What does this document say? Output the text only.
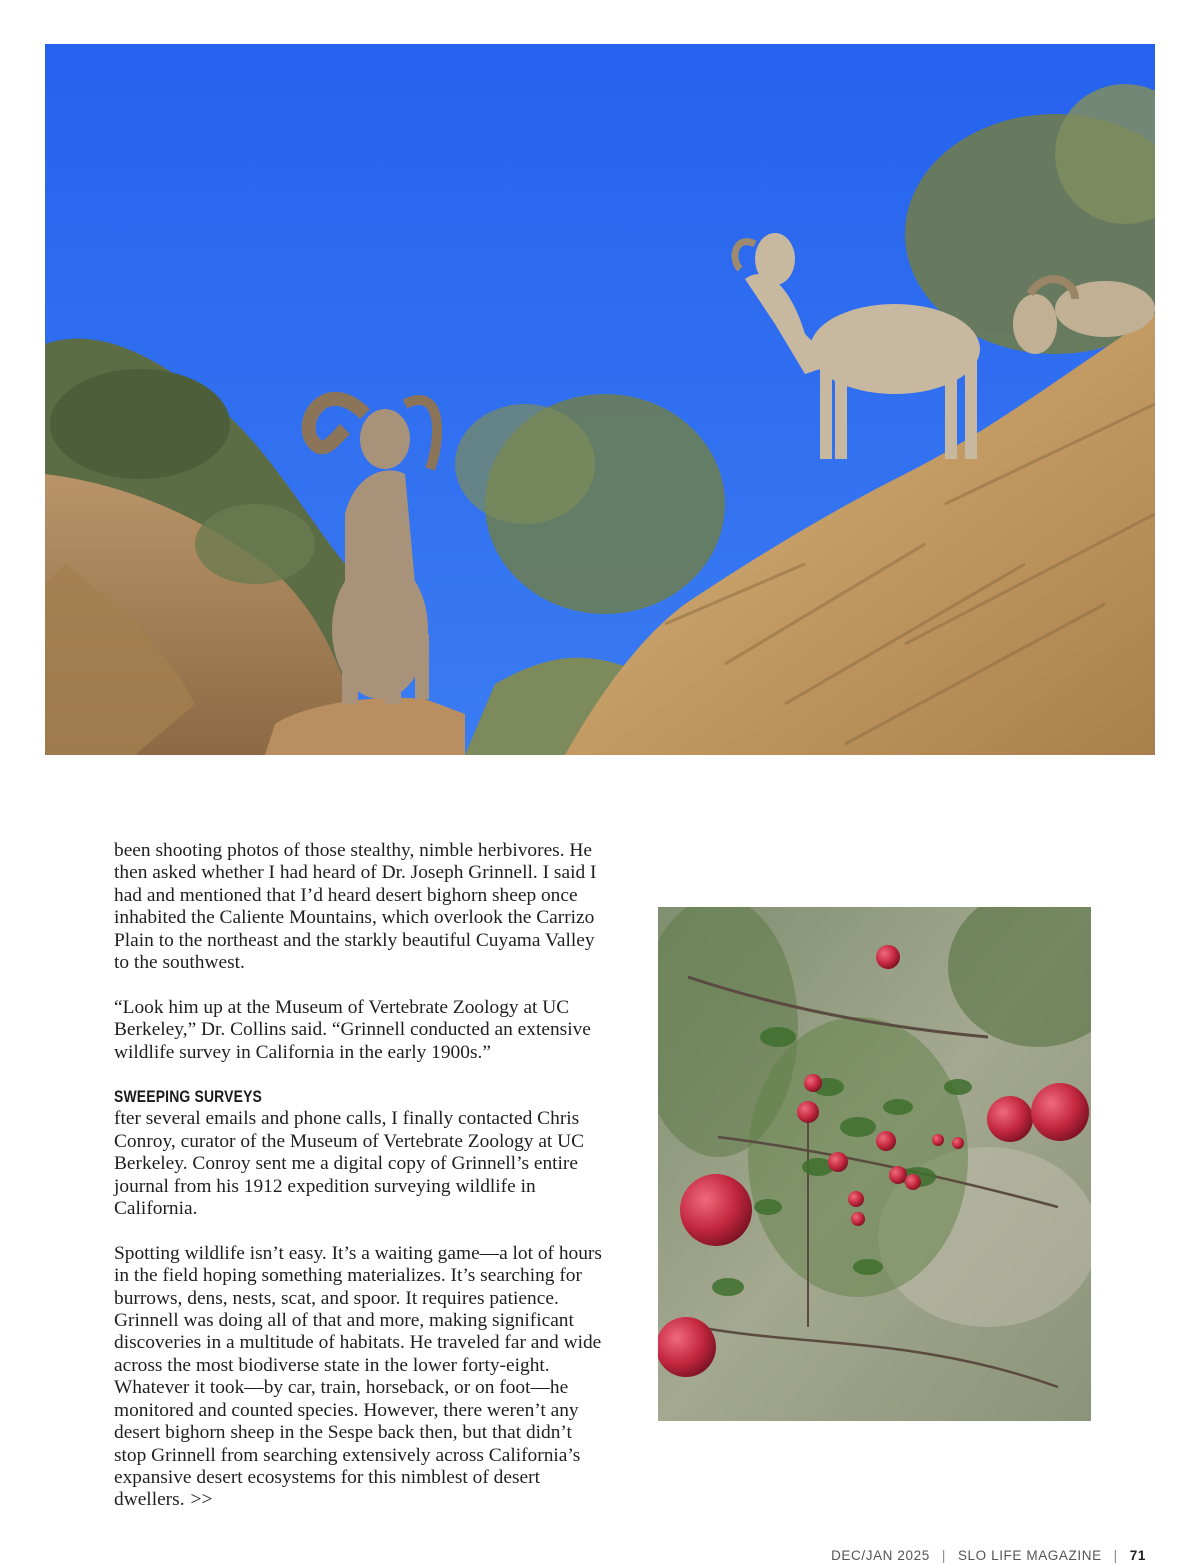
been shooting photos of those stealthy, nimble herbivores. He then asked whether I had heard of Dr. Joseph Grinnell. I said I had and mentioned that I’d heard desert bighorn sheep once inhabited the Caliente Mountains, which overlook the Carrizo Plain to the northeast and the starkly beautiful Cuyama Valley to the southwest.

“Look him up at the Museum of Vertebrate Zoology at UC Berkeley,” Dr. Collins said. “Grinnell conducted an extensive wildlife survey in California in the early 1900s.”

SWEEPING SURVEYS

fter several emails and phone calls, I finally contacted Chris Conroy, curator of the Museum of Vertebrate Zoology at UC Berkeley. Conroy sent me a digital copy of Grinnell’s entire journal from his 1912 expedition surveying wildlife in California.

Spotting wildlife isn’t easy. It’s a waiting game—a lot of hours in the field hoping something materializes. It’s searching for burrows, dens, nests, scat, and spoor. It requires patience. Grinnell was doing all of that and more, making significant discoveries in a multitude of habitats. He traveled far and wide across the most biodiverse state in the lower forty-eight. Whatever it took—by car, train, horseback, or on foot—he monitored and counted species. However, there weren’t any desert bighorn sheep in the Sespe back then, but that didn’t stop Grinnell from searching extensively across California’s expansive desert ecosystems for this nimblest of desert dwellers. >>

DEC/JAN 2025 | SLO LIFE MAGAZINE | 71
